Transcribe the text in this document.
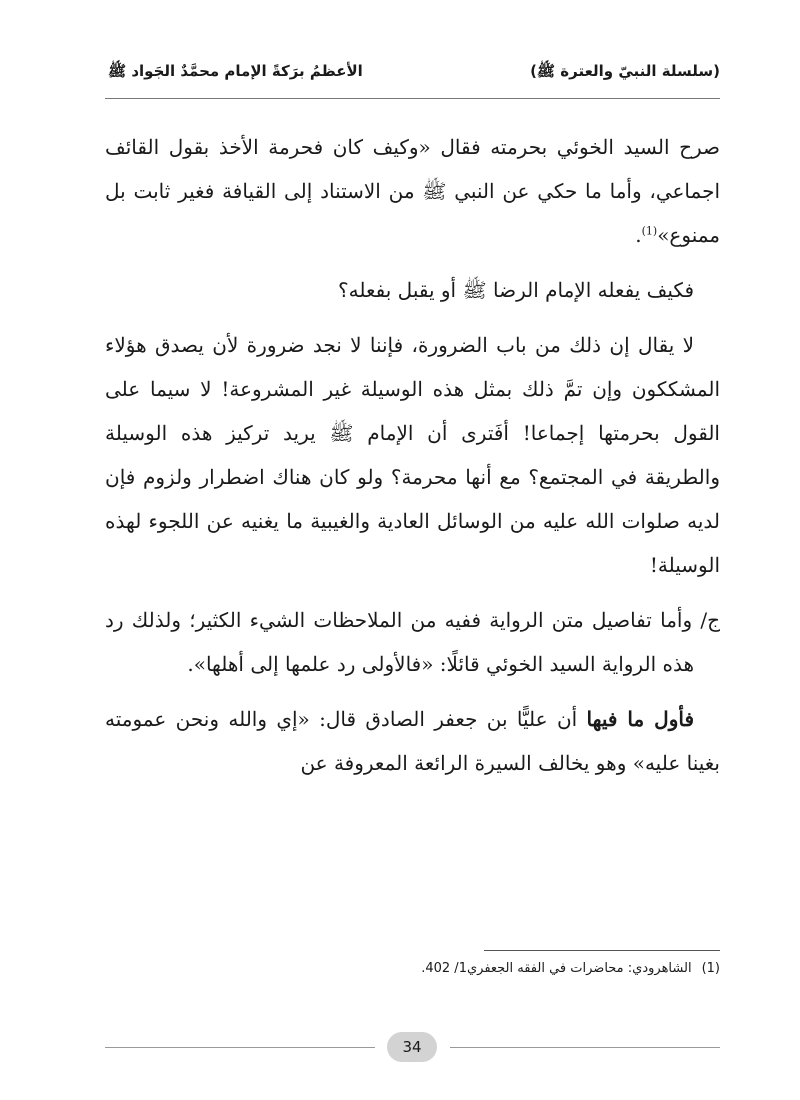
(سلسلة النبيّ والعترة ﷺ)
الأعظمُ برَكةً الإمام محمَّدٌ الجَواد ﷺ

صرح السيد الخوئي بحرمته فقال «وكيف كان فحرمة الأخذ بقول القائف اجماعي، وأما ما حكي عن النبي ﷺ من الاستناد إلى القيافة فغير ثابت بل ممنوع»$^{(1)}$.

فكيف يفعله الإمام الرضا ﷺ أو يقبل بفعله؟

لا يقال إن ذلك من باب الضرورة، فإننا لا نجد ضرورة لأن يصدق هؤلاء المشككون وإن تمَّ ذلك بمثل هذه الوسيلة غير المشروعة! لا سيما على القول بحرمتها إجماعا! أفَترى أن الإمام ﷺ يريد تركيز هذه الوسيلة والطريقة في المجتمع؟ مع أنها محرمة؟ ولو كان هناك اضطرار ولزوم فإن لديه صلوات الله عليه من الوسائل العادية والغيبية ما يغنيه عن اللجوء لهذه الوسيلة!

ج/ وأما تفاصيل متن الرواية ففيه من الملاحظات الشيء الكثير؛ ولذلك رد هذه الرواية السيد الخوئي قائلًا: «فالأولى رد علمها إلى أهلها».

فأول ما فيها أن عليًّا بن جعفر الصادق قال: «إي والله ونحن عمومته بغينا عليه» وهو يخالف السيرة الرائعة المعروفة عن

(1)الشاهرودي: محاضرات في الفقه الجعفري1/ 402.
34
